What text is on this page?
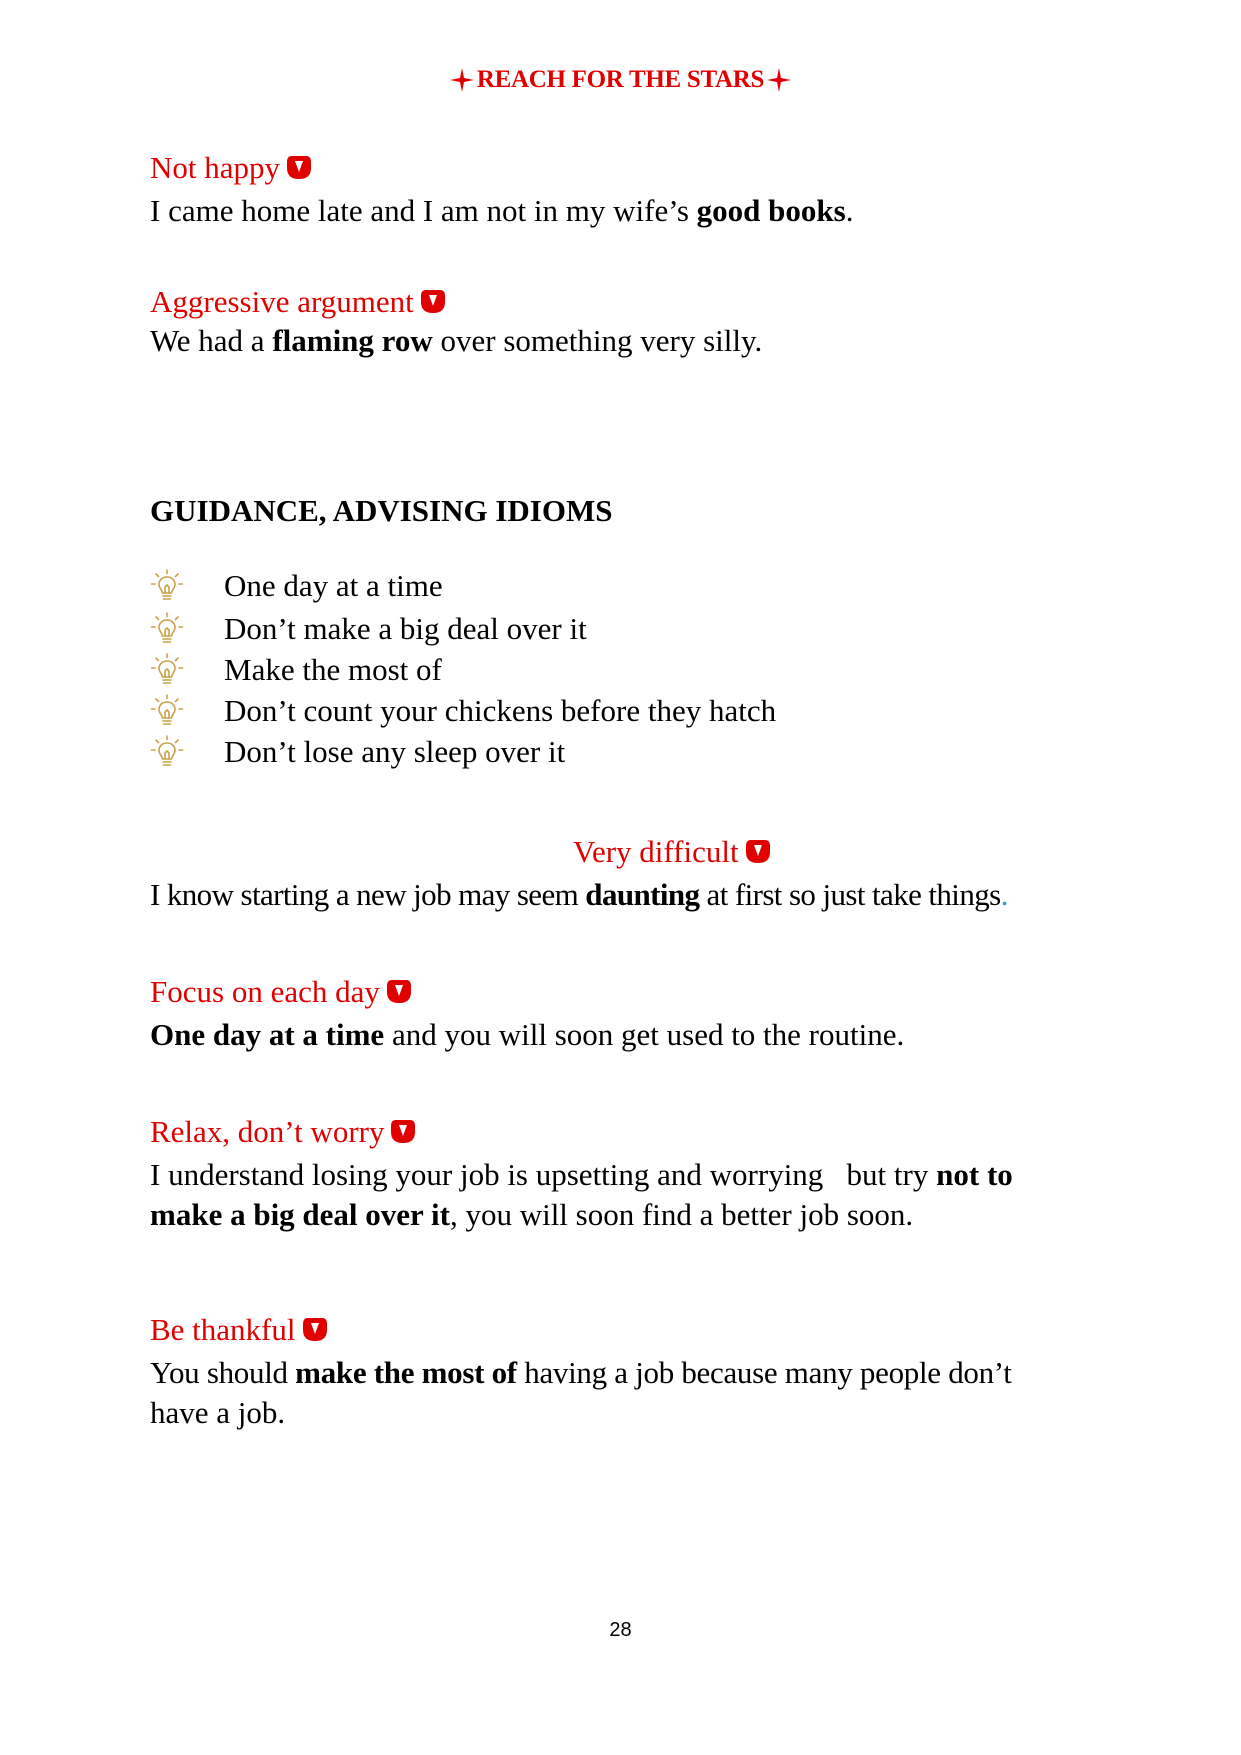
REACH FOR THE STARS
Not happy
I came home late and I am not in my wife’s good books.
Aggressive argument
We had a flaming row over something very silly.
GUIDANCE, ADVISING IDIOMS
One day at a time
Don’t make a big deal over it
Make the most of
Don’t count your chickens before they hatch
Don’t lose any sleep over it
Very difficult
I know starting a new job may seem daunting at first so just take things.
Focus on each day
One day at a time and you will soon get used to the routine.
Relax, don’t worry
I understand losing your job is upsetting and worrying   but try not to
make a big deal over it, you will soon find a better job soon.
Be thankful
You should make the most of having a job because many people don’t
have a job.
28
